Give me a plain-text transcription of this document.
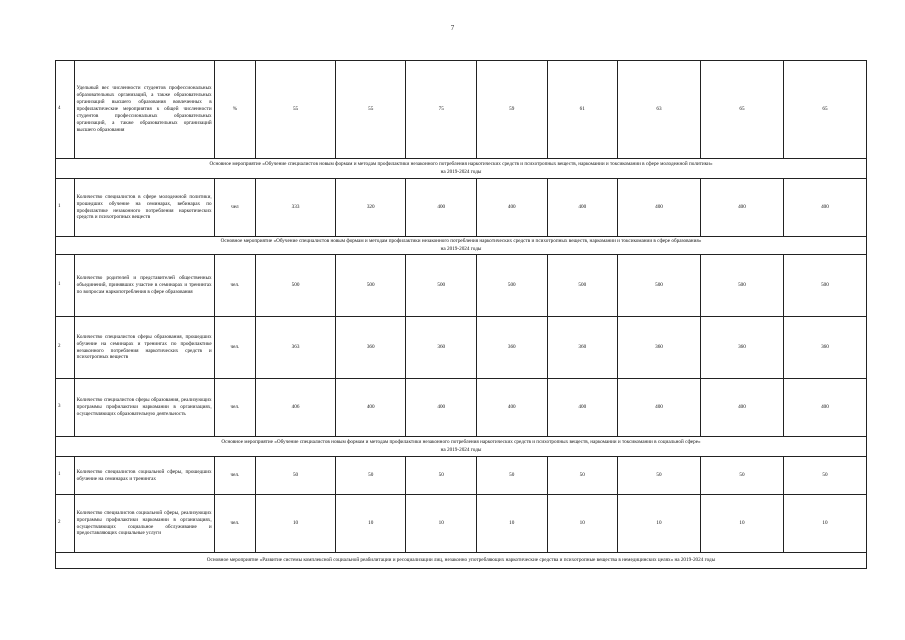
7
4	Удельный вес численности студентов профессиональных образовательных организаций, а также образовательных организаций высшего образования вовлеченных в профилактические мероприятия к общей численности студентов профессиональных образовательных организаций, а также образовательных организаций высшего образования	%	55	55	75	59	61	63	65	65

Основное мероприятие «Обучение специалистов новым формам и методам профилактики незаконного потребления наркотических средств и психотропных веществ, наркомании и токсикомании в сфере молодежной политики»
на 2019-2024 годы										

1	Количество специалистов в сфере молодежной политики, прошедших обучение на семинарах, вебинарах по профилактике незаконного потребления наркотических средств и психотропных веществ	чел	333	320	400	400	400	400	400	400

Основное мероприятие «Обучение специалистов новым формам и методам профилактики незаконного потребления наркотических средств и психотропных веществ, наркомании и токсикомании в сфере образования»
на 2019-2024 годы										

1	Количество родителей и представителей общественных объединений, принявших участие в семинарах и тренингах по вопросам наркопотребления в сфере образования	чел.	500	500	500	500	500	500	500	500
2	Количество специалистов сферы образования, прошедших обучение на семинарах и тренингах по профилактике незаконного потребления наркотических средств и психотропных веществ	чел.	363	360	360	360	360	360	360	360
3	Количество специалистов сферы образования, реализующих программы профилактики наркомании в организациях, осуществляющих образовательную деятельность	чел.	406	400	400	400	400	400	400	400

Основное мероприятие «Обучение специалистов новым формам и методам профилактики незаконного потребления наркотических средств и психотропных веществ, наркомании и токсикомании в социальной сфере»
на 2019-2024 годы										

1	Количество специалистов социальной сферы, прошедших обучение на семинарах и тренингах	чел.	50	50	50	50	50	50	50	50
2	Количество специалистов социальной сферы, реализующих программы профилактики наркомании в организациях, осуществляющих социальное обслуживание и предоставляющих социальные услуги	чел.	10	10	10	10	10	10	10	10

Основное мероприятие «Развитие системы комплексной социальной реабилитации и ресоциализации лиц, незаконно употребляющих наркотические средства и психотропные вещества в немедицинских целях» на 2019-2024 годы										
